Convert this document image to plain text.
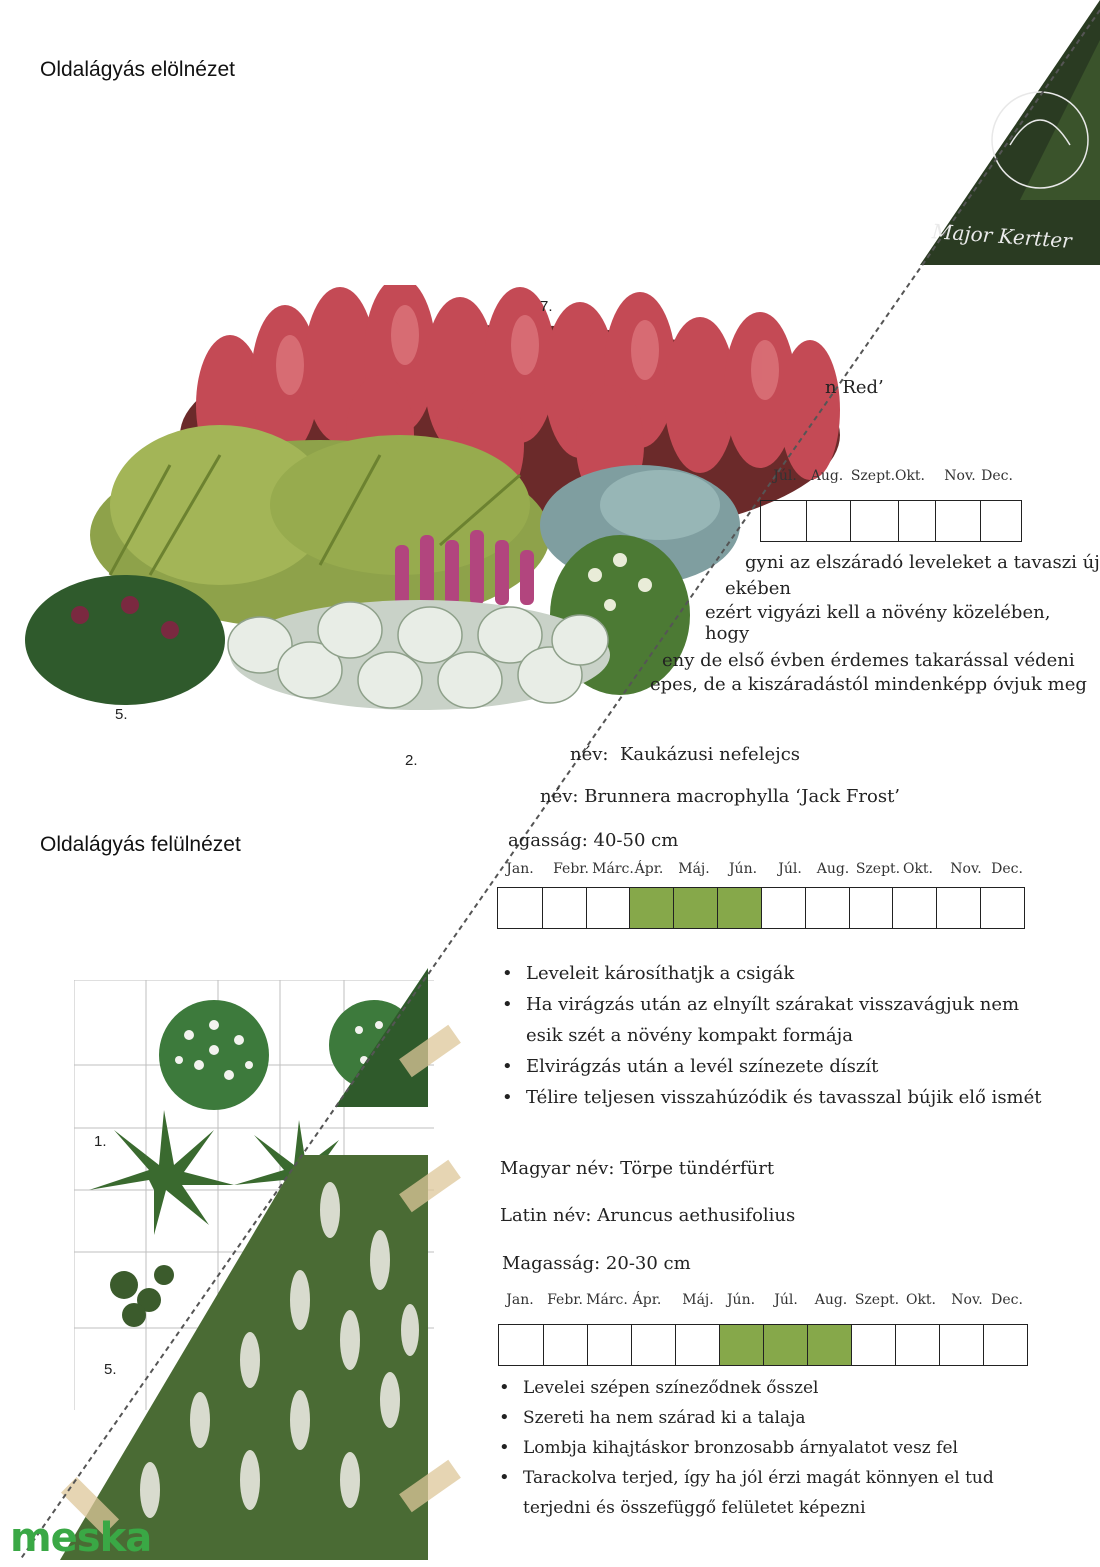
Oldalágyás elölnézet
7.
5.
2.
Oldalágyás felülnézet
1.
5.
Major Kertter
meska
n Red’
Júl. Aug. Szept. Okt.	Nov. Dec.
gyni az elszáradó leveleket a tavaszi új
ekében
ezért vigyázi kell a növény közelében, hogy
eny de első évben érdemes takarással védeni
epes, de a kiszáradástól mindenképp óvjuk meg
név: Kaukázusi nefelejcs
név: Brunnera macrophylla ‘Jack Frost’
agasság: 40-50 cm
Jan.	Febr. Márc. Ápr.	Máj.	Jún.	Júl.	Aug. Szept. Okt.	Nov. Dec.
• Leveleit károsíthatjk a csigák
• Ha virágzás után az elnyílt szárakat visszavágjuk nem esik szét a növény kompakt formája
• Elvirágzás után a levél színezete díszít
• Télire teljesen visszahúzódik és tavasszal bújik elő ismét
Magyar név: Törpe tündérfürt
Latin név: Aruncus aethusifolius
Magasság: 20-30 cm
Jan. Febr. Márc. Ápr.	Máj. Jún.	Júl.	Aug. Szept. Okt.	Nov. Dec.
• Levelei szépen színeződnek ősszel
• Szereti ha nem szárad ki a talaja
• Lombja kihajtáskor bronzosabb árnyalatot vesz fel
• Tarackolva terjed, így ha jól érzi magát könnyen el tud terjedni és összefüggő felületet képezni
